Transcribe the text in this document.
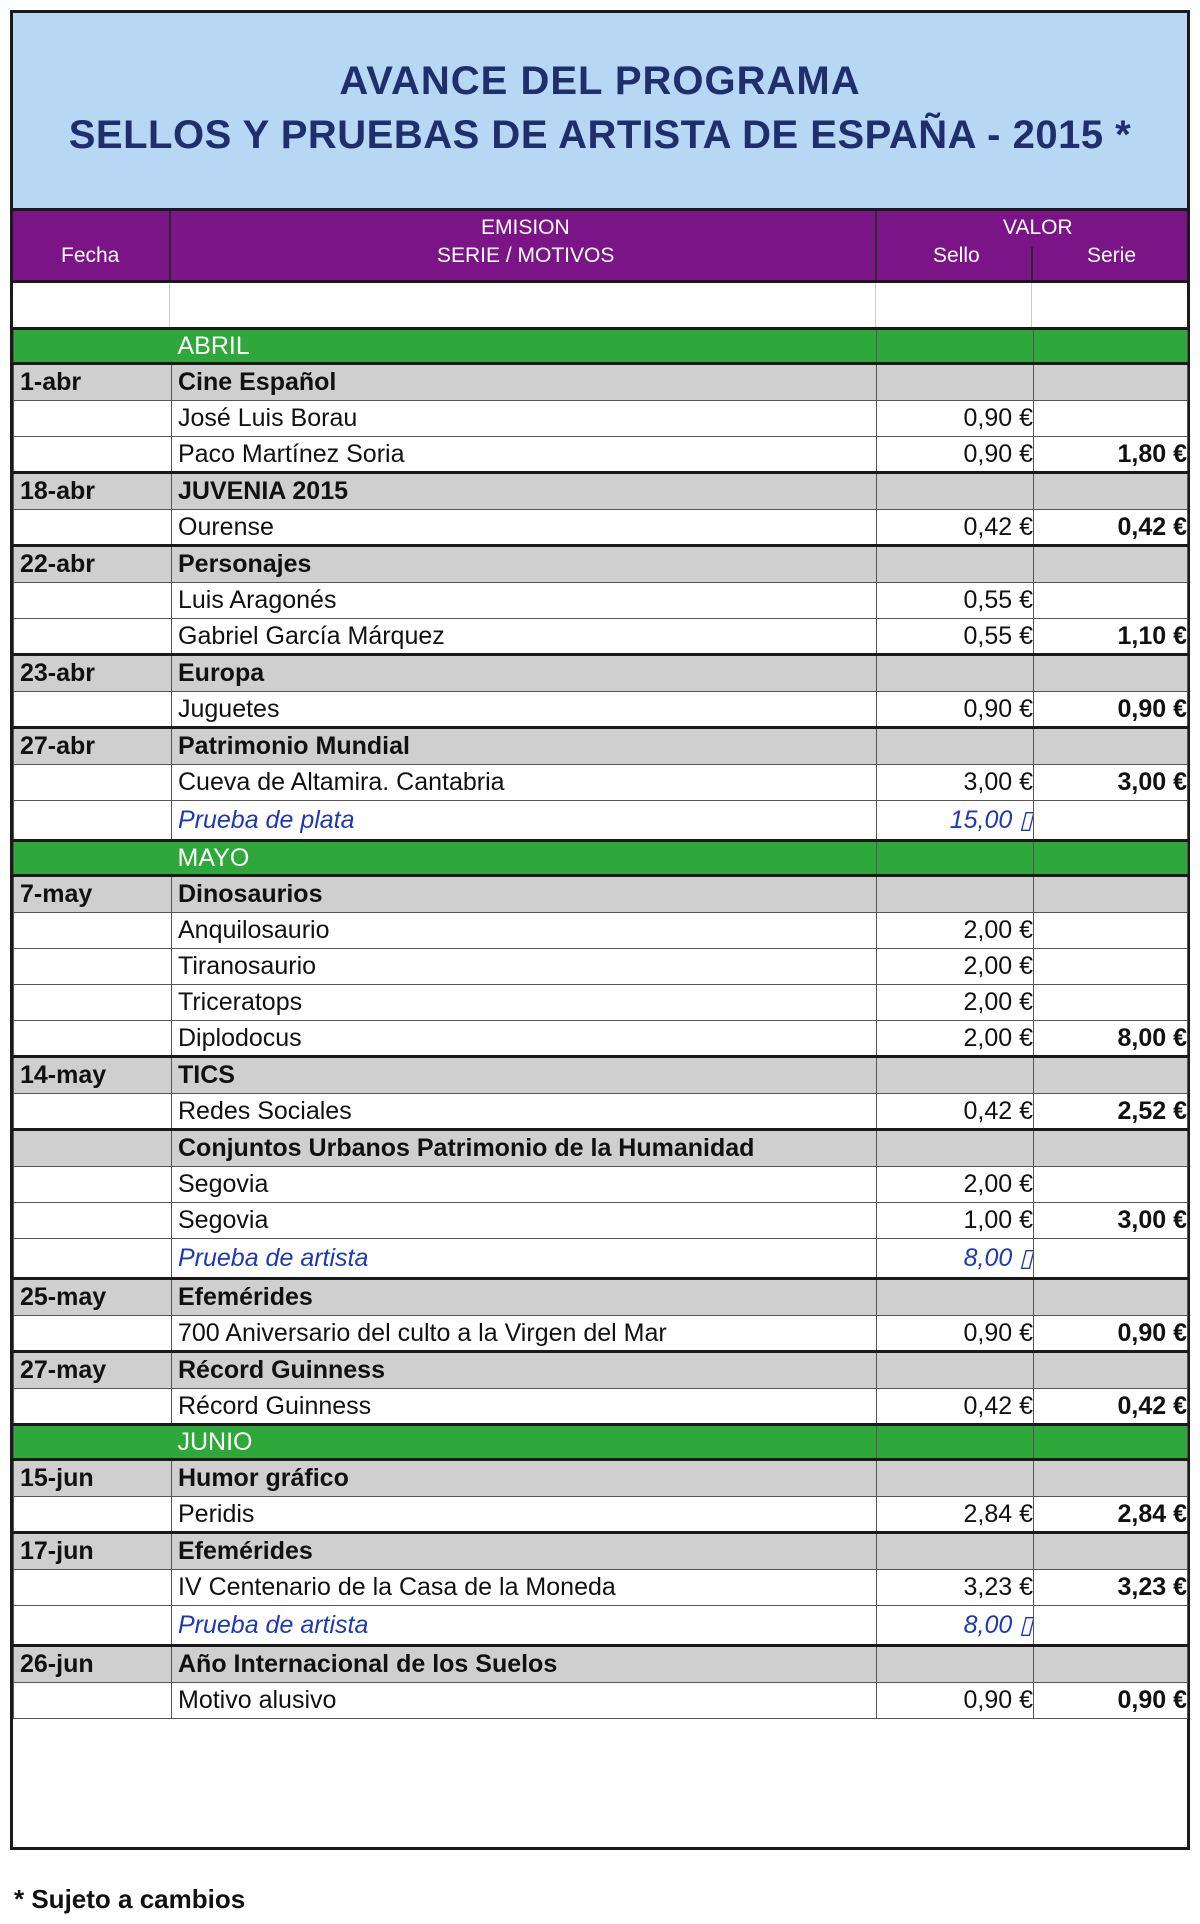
AVANCE DEL PROGRAMA
SELLOS Y PRUEBAS DE ARTISTA DE ESPAÑA - 2015 *
Fecha
EMISION
SERIE / MOTIVOS
VALOR
Sello	Serie
	ABRIL		
1-abr	Cine Español		
	José Luis Borau	0,90 €	
	Paco Martínez Soria	0,90 €	1,80 €
18-abr	JUVENIA 2015		
	Ourense	0,42 €	0,42 €
22-abr	Personajes		
	Luis Aragonés	0,55 €	
	Gabriel García Márquez	0,55 €	1,10 €
23-abr	Europa		
	Juguetes	0,90 €	0,90 €
27-abr	Patrimonio Mundial		
	Cueva de Altamira. Cantabria	3,00 €	3,00 €
	Prueba de plata	15,00 ▯	
	MAYO		
7-may	Dinosaurios		
	Anquilosaurio	2,00 €	
	Tiranosaurio	2,00 €	
	Triceratops	2,00 €	
	Diplodocus	2,00 €	8,00 €
14-may	TICS		
	Redes Sociales	0,42 €	2,52 €
	Conjuntos Urbanos Patrimonio de la Humanidad		
	Segovia	2,00 €	
	Segovia	1,00 €	3,00 €
	Prueba de artista	8,00 ▯	
25-may	Efemérides		
	700 Aniversario del culto a la Virgen del Mar	0,90 €	0,90 €
27-may	Récord Guinness		
	Récord Guinness	0,42 €	0,42 €
	JUNIO		
15-jun	Humor gráfico		
	Peridis	2,84 €	2,84 €
17-jun	Efemérides		
	IV Centenario de la Casa de la Moneda	3,23 €	3,23 €
	Prueba de artista	8,00 ▯	
26-jun	Año Internacional de los Suelos		
	Motivo alusivo	0,90 €	0,90 €
* Sujeto a cambios
